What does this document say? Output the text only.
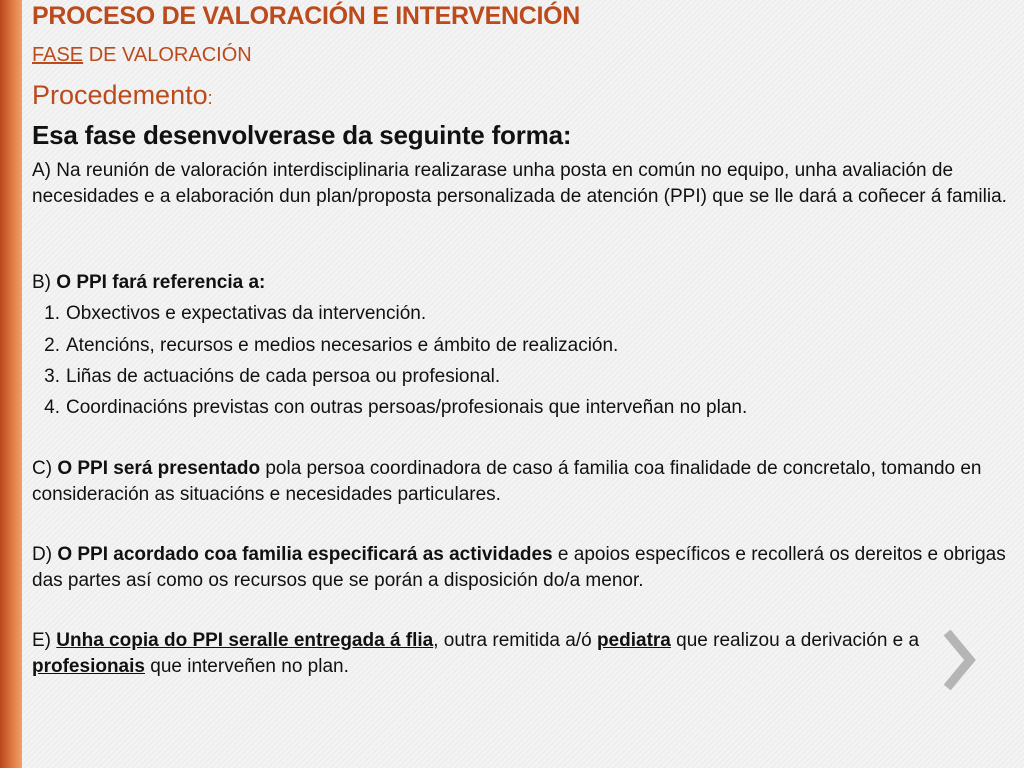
PROCESO DE VALORACIÓN E INTERVENCIÓN
FASE DE VALORACIÓN
Procedemento:
Esa fase desenvolverase da seguinte forma:
A) Na reunión de valoración interdisciplinaria realizarase unha posta en común no equipo, unha avaliación de necesidades e a elaboración dun plan/proposta personalizada de atención (PPI) que se lle dará a coñecer á familia.
B) O PPI fará referencia a:
1. Obxectivos e expectativas da intervención.
2. Atencións, recursos e medios necesarios e ámbito de realización.
3. Liñas de actuacións de cada persoa ou profesional.
4. Coordinacións previstas con outras persoas/profesionais que interveñan no plan.
C) O PPI será presentado pola persoa coordinadora de caso á familia coa finalidade de concretalo, tomando en consideración as situacións e necesidades particulares.
D) O PPI acordado coa familia especificará as actividades e apoios específicos e recollerá os dereitos e obrigas das partes así como os recursos que se porán a disposición do/a menor.
E) Unha copia do PPI seralle entregada á flia, outra remitida a/ó pediatra que realizou a derivación e a profesionais que interveñen no plan.
